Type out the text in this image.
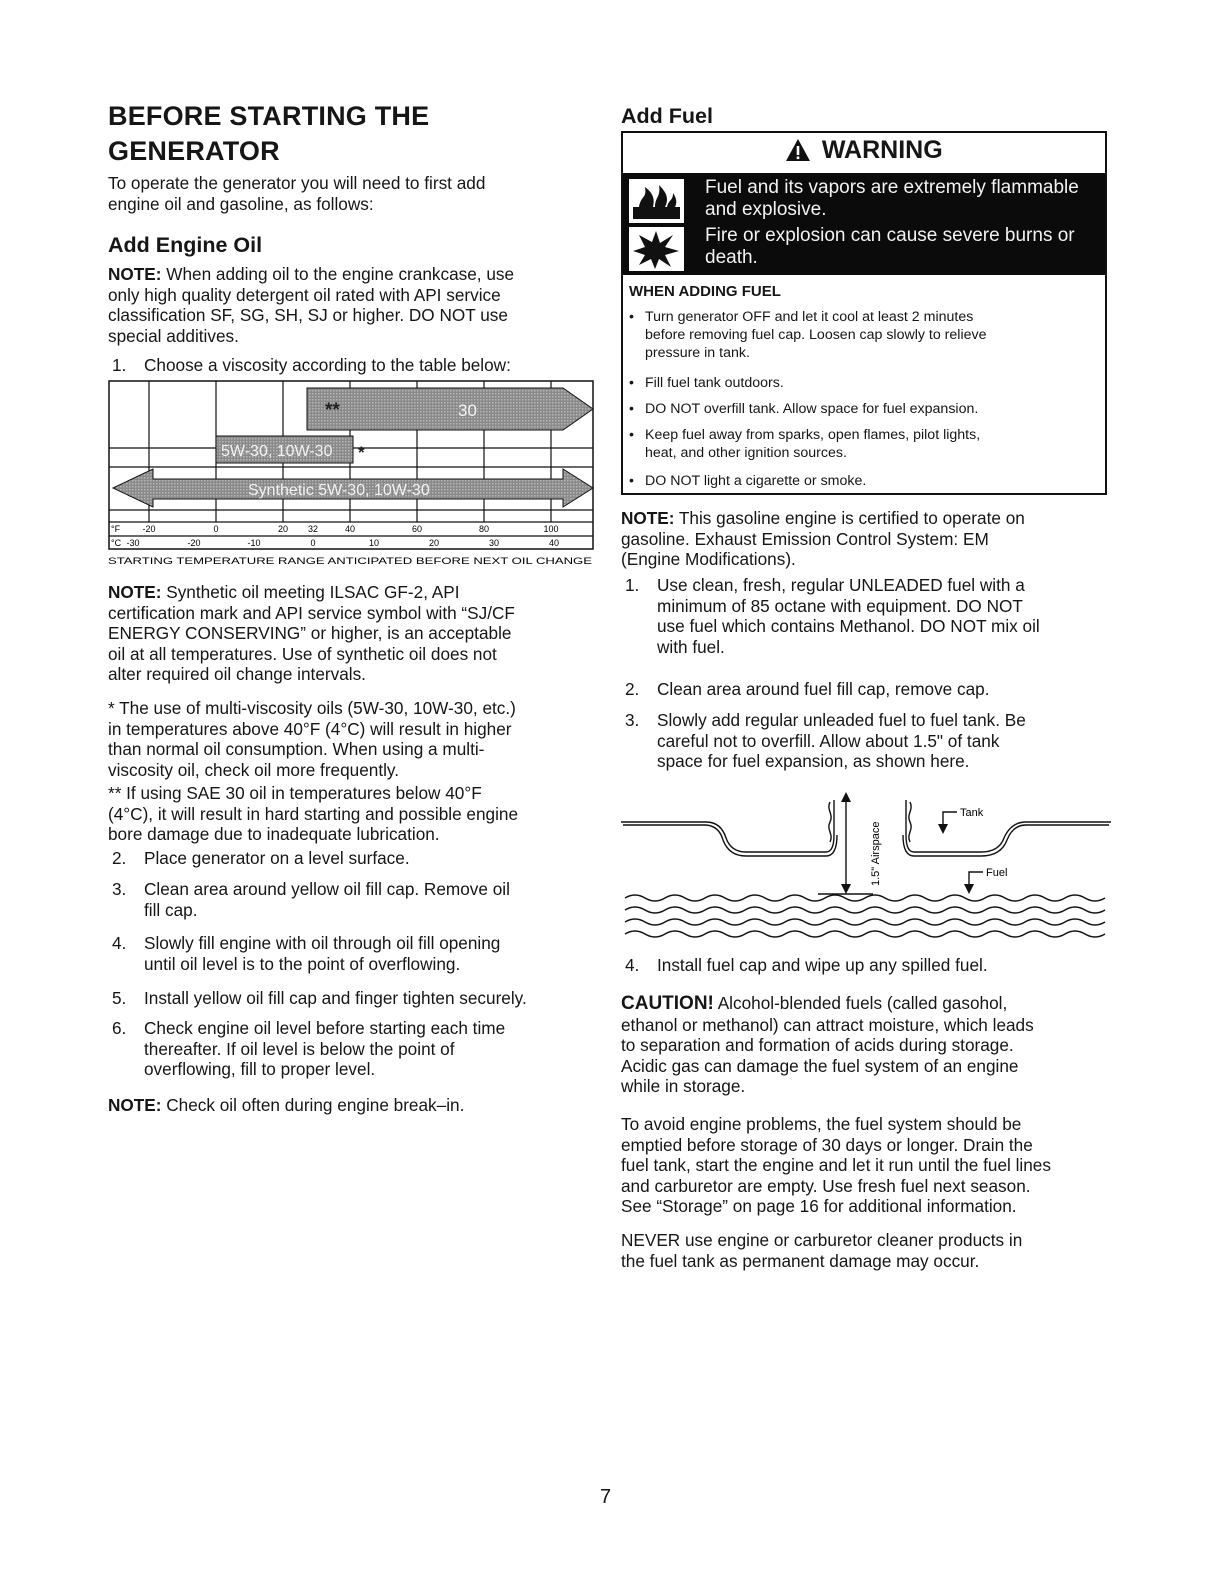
BEFORE STARTING THE
GENERATOR
To operate the generator you will need to first add
engine oil and gasoline, as follows:
Add Engine Oil
NOTE: When adding oil to the engine crankcase, use
only high quality detergent oil rated with API service
classification SF, SG, SH, SJ or higher. DO NOT use
special additives.
1. Choose a viscosity according to the table below:
30
**
5W-30, 10W-30 *
Synthetic 5W-30, 10W-30
°F
°C
-20	0	20 32	40	60	80	100
-30	-20	-10	0	10	20	30	40
STARTING TEMPERATURE RANGE ANTICIPATED BEFORE NEXT OIL CHANGE
NOTE: Synthetic oil meeting ILSAC GF-2, API
certification mark and API service symbol with “SJ/CF
ENERGY CONSERVING” or higher, is an acceptable
oil at all temperatures. Use of synthetic oil does not
alter required oil change intervals.
* The use of multi-viscosity oils (5W-30, 10W-30, etc.)
in temperatures above 40°F (4°C) will result in higher
than normal oil consumption. When using a multi-
viscosity oil, check oil more frequently.
** If using SAE 30 oil in temperatures below 40°F
(4°C), it will result in hard starting and possible engine
bore damage due to inadequate lubrication.
2. Place generator on a level surface.
3. Clean area around yellow oil fill cap. Remove oil
fill cap.
4. Slowly fill engine with oil through oil fill opening
until oil level is to the point of overflowing.
5. Install yellow oil fill cap and finger tighten securely.
6. Check engine oil level before starting each time
thereafter. If oil level is below the point of
overflowing, fill to proper level.
NOTE: Check oil often during engine break–in.
Add Fuel
WARNING
Fuel and its vapors are extremely flammable
and explosive.
Fire or explosion can cause severe burns or
death.
WHEN ADDING FUEL
• Turn generator OFF and let it cool at least 2 minutes
before removing fuel cap. Loosen cap slowly to relieve
pressure in tank.
• Fill fuel tank outdoors.
• DO NOT overfill tank. Allow space for fuel expansion.
• Keep fuel away from sparks, open flames, pilot lights,
heat, and other ignition sources.
• DO NOT light a cigarette or smoke.
NOTE: This gasoline engine is certified to operate on
gasoline. Exhaust Emission Control System: EM
(Engine Modifications).
1. Use clean, fresh, regular UNLEADED fuel with a
minimum of 85 octane with equipment. DO NOT
use fuel which contains Methanol. DO NOT mix oil
with fuel.
2. Clean area around fuel fill cap, remove cap.
3. Slowly add regular unleaded fuel to fuel tank. Be
careful not to overfill. Allow about 1.5" of tank
space for fuel expansion, as shown here.
Tank
Fuel
1.5" Airspace
4. Install fuel cap and wipe up any spilled fuel.
CAUTION! Alcohol-blended fuels (called gasohol,
ethanol or methanol) can attract moisture, which leads
to separation and formation of acids during storage.
Acidic gas can damage the fuel system of an engine
while in storage.
To avoid engine problems, the fuel system should be
emptied before storage of 30 days or longer. Drain the
fuel tank, start the engine and let it run until the fuel lines
and carburetor are empty. Use fresh fuel next season.
See “Storage” on page 16 for additional information.
NEVER use engine or carburetor cleaner products in
the fuel tank as permanent damage may occur.
7
